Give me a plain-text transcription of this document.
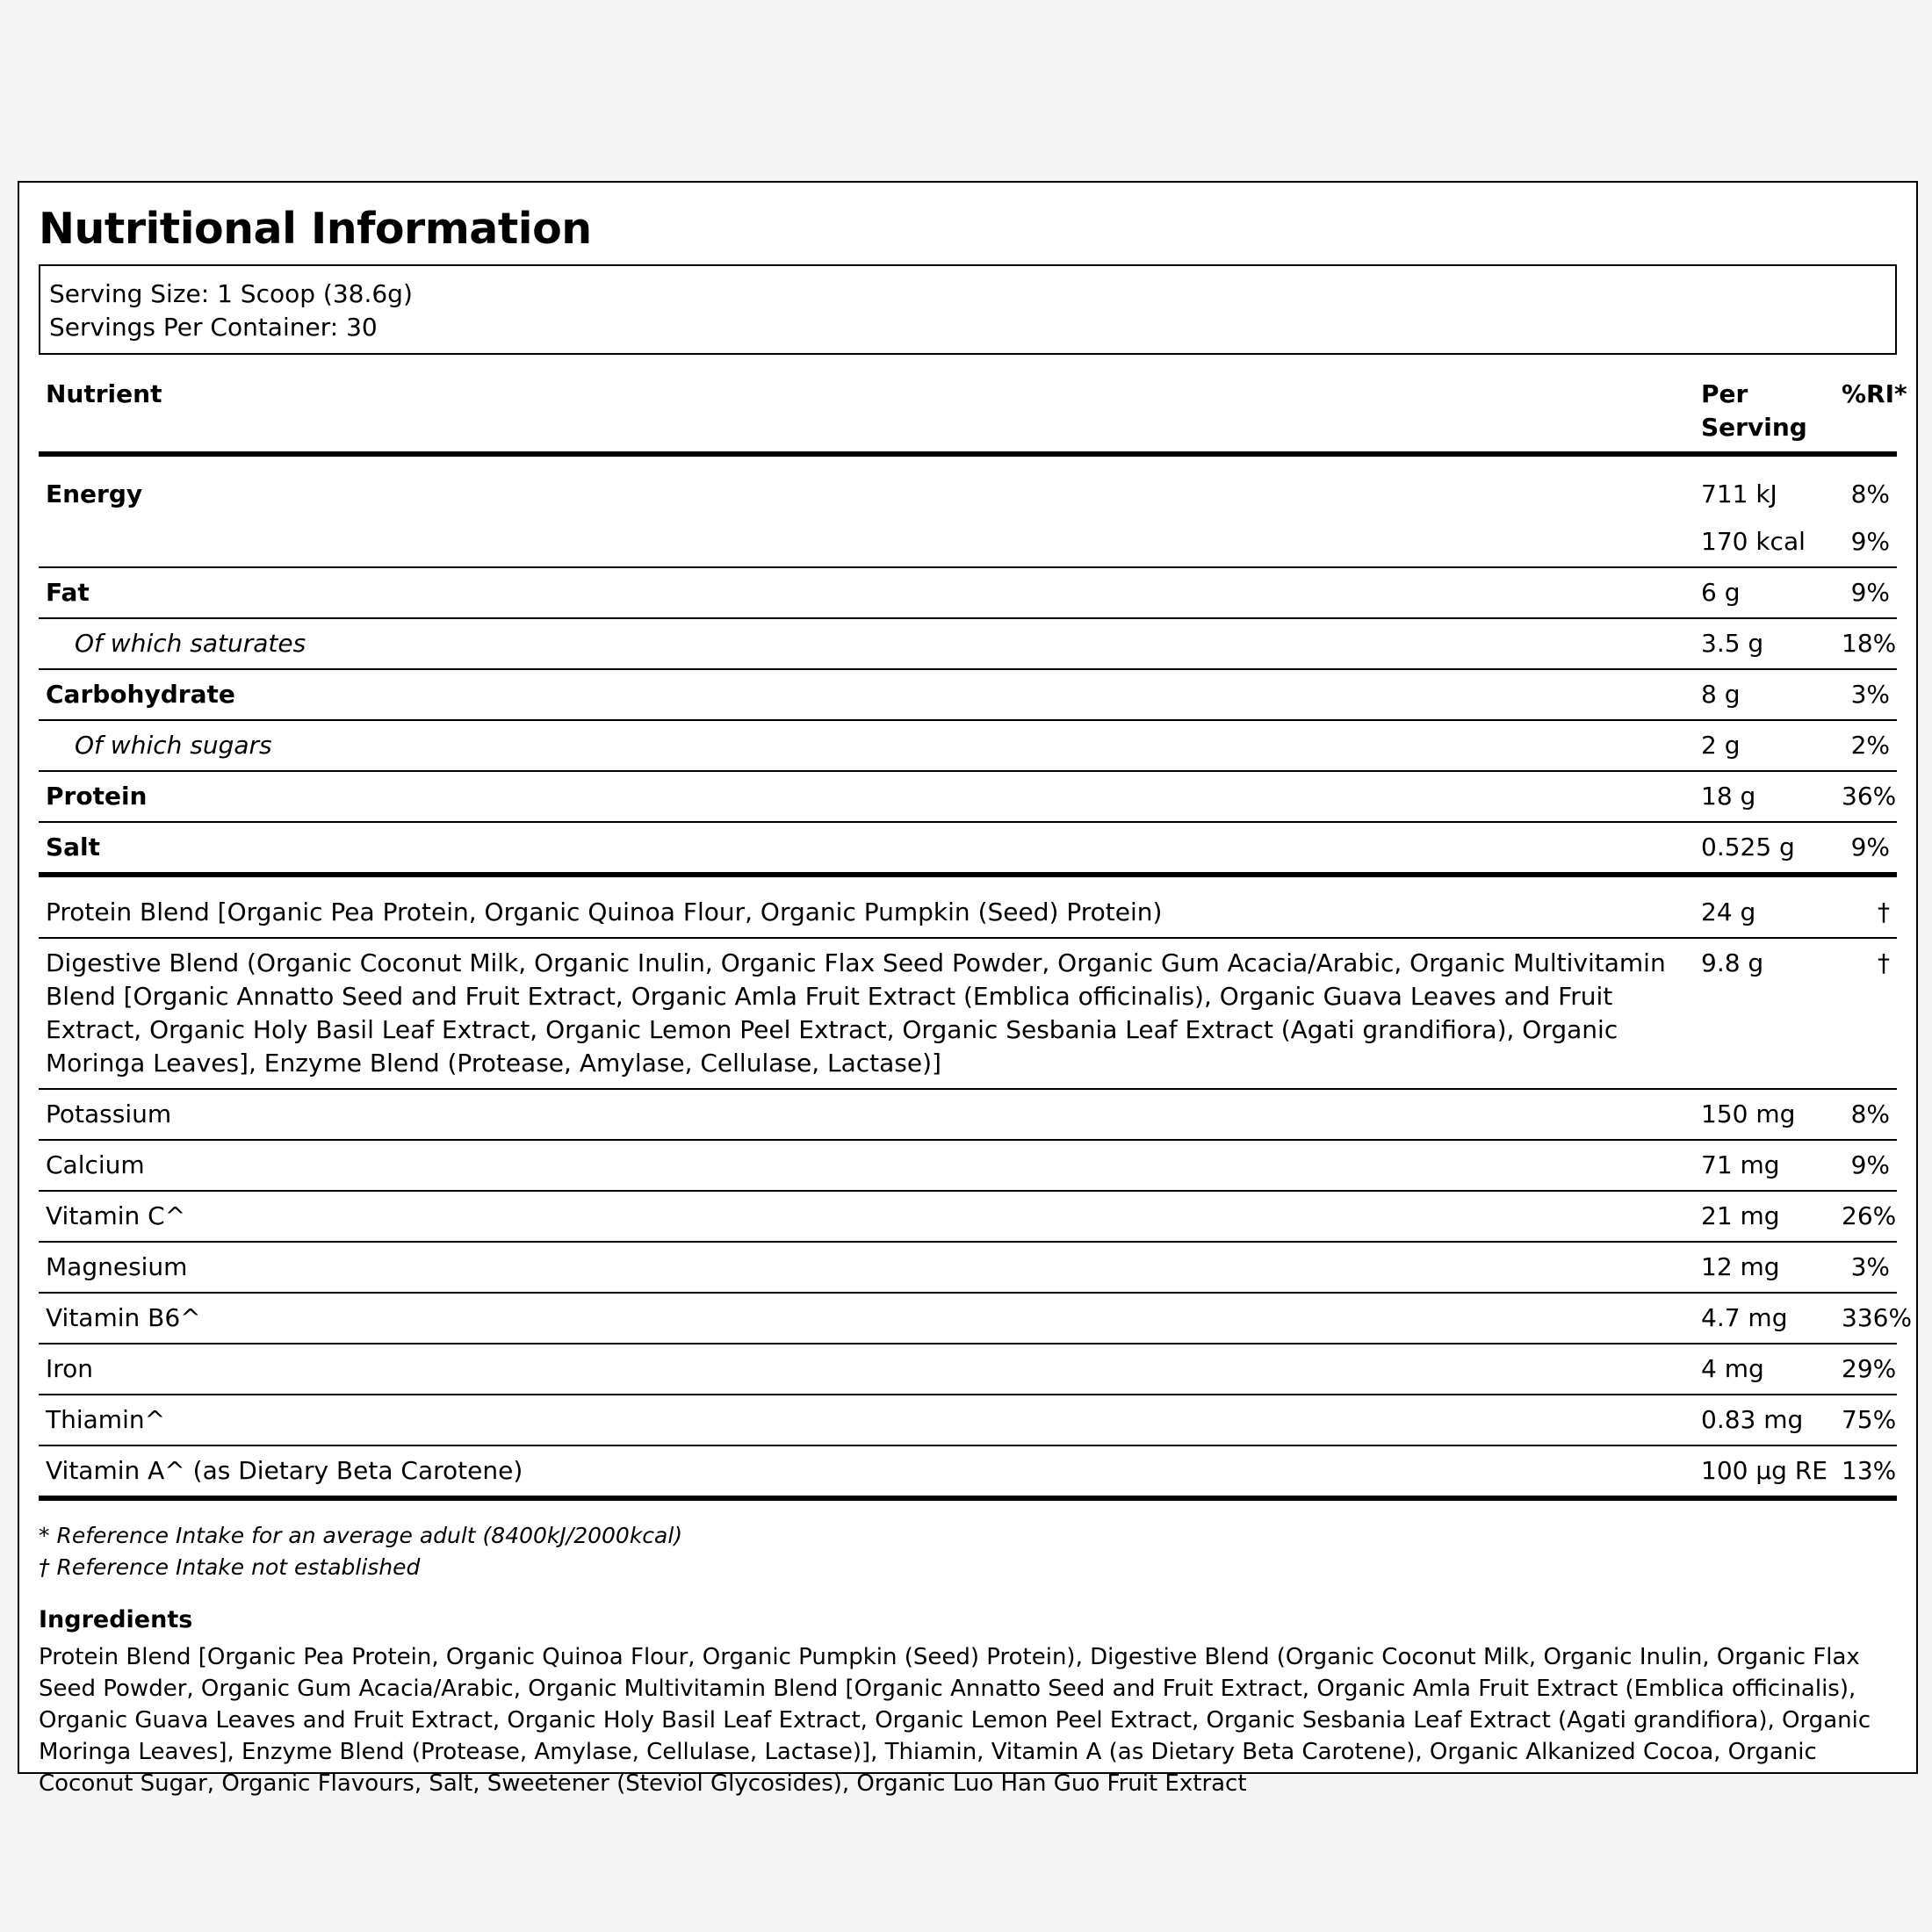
Nutritional Information
Serving Size: 1 Scoop (38.6g)
Servings Per Container: 30
Nutrient	Per Serving	%RI*
Energy	711 kJ	8%
	170 kcal	9%
Fat	6 g	9%
Of which saturates	3.5 g	18%
Carbohydrate	8 g	3%
Of which sugars	2 g	2%
Protein	18 g	36%
Salt	0.525 g	9%
Protein Blend [Organic Pea Protein, Organic Quinoa Flour, Organic Pumpkin (Seed) Protein)	24 g	†
Digestive Blend (Organic Coconut Milk, Organic Inulin, Organic Flax Seed Powder, Organic Gum Acacia/Arabic, Organic Multivitamin Blend [Organic Annatto Seed and Fruit Extract, Organic Amla Fruit Extract (Emblica officinalis), Organic Guava Leaves and Fruit Extract, Organic Holy Basil Leaf Extract, Organic Lemon Peel Extract, Organic Sesbania Leaf Extract (Agati grandifiora), Organic Moringa Leaves], Enzyme Blend (Protease, Amylase, Cellulase, Lactase)]	9.8 g	†
Potassium	150 mg	8%
Calcium	71 mg	9%
Vitamin C^	21 mg	26%
Magnesium	12 mg	3%
Vitamin B6^	4.7 mg	336%
Iron	4 mg	29%
Thiamin^	0.83 mg	75%
Vitamin A^ (as Dietary Beta Carotene)	100 µg RE	13%
* Reference Intake for an average adult (8400kJ/2000kcal)
† Reference Intake not established
Ingredients
Protein Blend [Organic Pea Protein, Organic Quinoa Flour, Organic Pumpkin (Seed) Protein), Digestive Blend (Organic Coconut Milk, Organic Inulin, Organic Flax Seed Powder, Organic Gum Acacia/Arabic, Organic Multivitamin Blend [Organic Annatto Seed and Fruit Extract, Organic Amla Fruit Extract (Emblica officinalis), Organic Guava Leaves and Fruit Extract, Organic Holy Basil Leaf Extract, Organic Lemon Peel Extract, Organic Sesbania Leaf Extract (Agati grandifiora), Organic Moringa Leaves], Enzyme Blend (Protease, Amylase, Cellulase, Lactase)], Thiamin, Vitamin A (as Dietary Beta Carotene), Organic Alkanized Cocoa, Organic Coconut Sugar, Organic Flavours, Salt, Sweetener (Steviol Glycosides), Organic Luo Han Guo Fruit Extract
